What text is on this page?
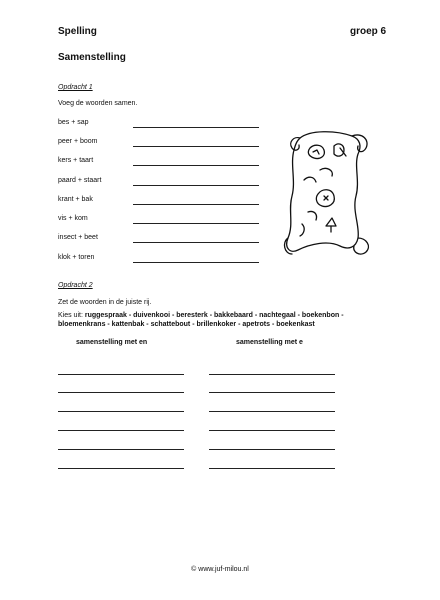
Spelling	groep 6
Samenstelling
Opdracht 1
Voeg de woorden samen.
bes + sap
peer + boom
kers + taart
paard + staart
krant + bak
vis + kom
insect + beet
klok + toren
Opdracht 2
Zet de woorden in de juiste rij.
Kies uit: ruggespraak - duivenkooi - beresterk - bakkebaard - nachtegaal - boekenbon -
bloemenkrans - kattenbak - schattebout - brillenkoker - apetrots - boekenkast
samenstelling met en	samenstelling met e
© www.juf-milou.nl
